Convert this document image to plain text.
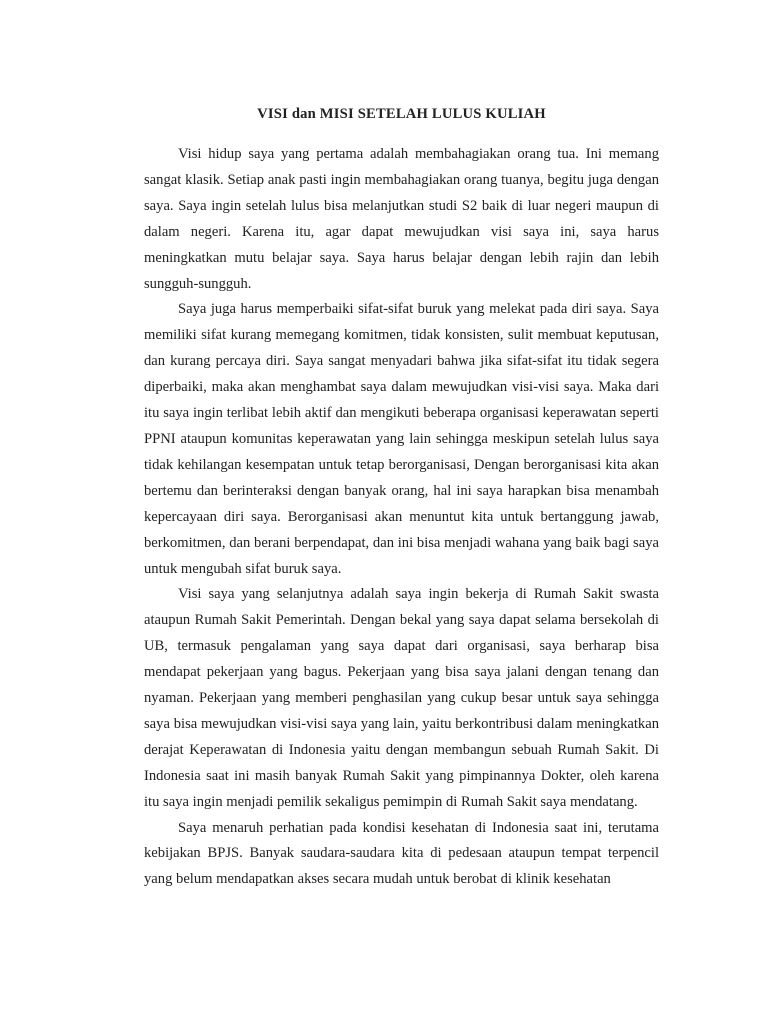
VISI dan MISI SETELAH LULUS KULIAH

Visi hidup saya yang pertama adalah membahagiakan orang tua. Ini memang sangat klasik. Setiap anak pasti ingin membahagiakan orang tuanya, begitu juga dengan saya. Saya ingin setelah lulus bisa melanjutkan studi S2 baik di luar negeri maupun di dalam negeri. Karena itu, agar dapat mewujudkan visi saya ini, saya harus meningkatkan mutu belajar saya. Saya harus belajar dengan lebih rajin dan lebih sungguh-sungguh.

Saya juga harus memperbaiki sifat-sifat buruk yang melekat pada diri saya. Saya memiliki sifat kurang memegang komitmen, tidak konsisten, sulit membuat keputusan, dan kurang percaya diri. Saya sangat menyadari bahwa jika sifat-sifat itu tidak segera diperbaiki, maka akan menghambat saya dalam mewujudkan visi-visi saya. Maka dari itu saya ingin terlibat lebih aktif dan mengikuti beberapa organisasi keperawatan seperti PPNI ataupun komunitas keperawatan yang lain sehingga meskipun setelah lulus saya tidak kehilangan kesempatan untuk tetap berorganisasi, Dengan berorganisasi kita akan bertemu dan berinteraksi dengan banyak orang, hal ini saya harapkan bisa menambah kepercayaan diri saya. Berorganisasi akan menuntut kita untuk bertanggung jawab, berkomitmen, dan berani berpendapat, dan ini bisa menjadi wahana yang baik bagi saya untuk mengubah sifat buruk saya.

Visi saya yang selanjutnya adalah saya ingin bekerja di Rumah Sakit swasta ataupun Rumah Sakit Pemerintah. Dengan bekal yang saya dapat selama bersekolah di UB, termasuk pengalaman yang saya dapat dari organisasi, saya berharap bisa mendapat pekerjaan yang bagus. Pekerjaan yang bisa saya jalani dengan tenang dan nyaman. Pekerjaan yang memberi penghasilan yang cukup besar untuk saya sehingga saya bisa mewujudkan visi-visi saya yang lain, yaitu berkontribusi dalam meningkatkan derajat Keperawatan di Indonesia yaitu dengan membangun sebuah Rumah Sakit. Di Indonesia saat ini masih banyak Rumah Sakit yang pimpinannya Dokter, oleh karena itu saya ingin menjadi pemilik sekaligus pemimpin di Rumah Sakit saya mendatang.

Saya menaruh perhatian pada kondisi kesehatan di Indonesia saat ini, terutama kebijakan BPJS. Banyak saudara-saudara kita di pedesaan ataupun tempat terpencil yang belum mendapatkan akses secara mudah untuk berobat di klinik kesehatan
